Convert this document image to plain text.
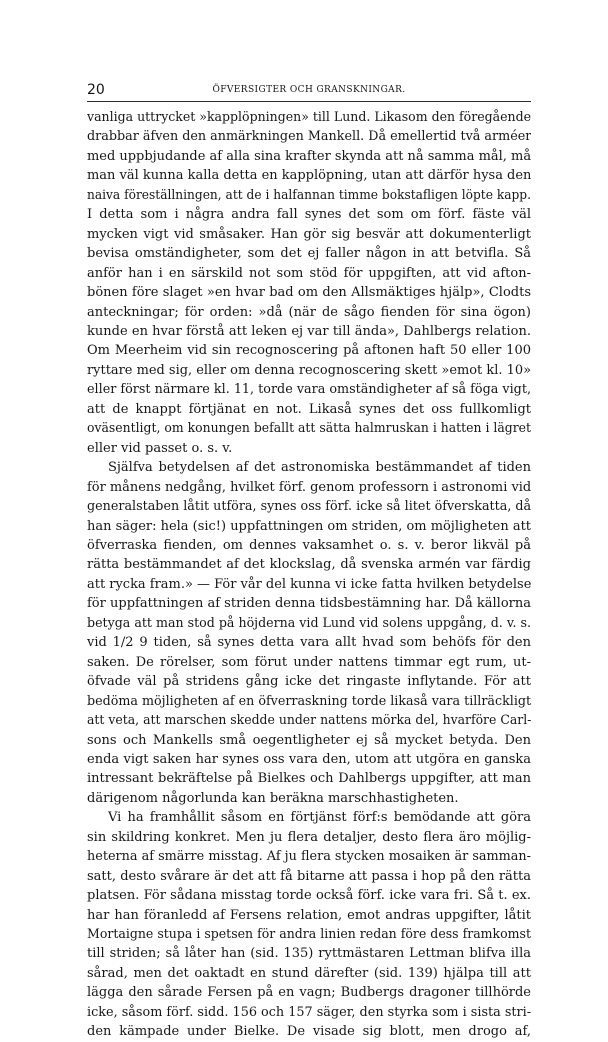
20	ÖFVERSIGTER OCH GRANSKNINGAR.
vanliga uttrycket »kapplöpningen» till Lund. Likasom den föregående
drabbar äfven den anmärkningen Mankell. Då emellertid två arméer
med uppbjudande af alla sina krafter skynda att nå samma mål, må
man väl kunna kalla detta en kapplöpning, utan att därför hysa den
naiva föreställningen, att de i halfannan timme bokstafligen löpte kapp.
I detta som i några andra fall synes det som om förf. fäste väl
mycken vigt vid småsaker. Han gör sig besvär att dokumenterligt
bevisa omständigheter, som det ej faller någon in att betvifla. Så
anför han i en särskild not som stöd för uppgiften, att vid afton-
bönen före slaget »en hvar bad om den Allsmäktiges hjälp», Clodts
anteckningar; för orden: »då (när de sågo fienden för sina ögon)
kunde en hvar förstå att leken ej var till ända», Dahlbergs relation.
Om Meerheim vid sin recognoscering på aftonen haft 50 eller 100
ryttare med sig, eller om denna recognoscering skett »emot kl. 10»
eller först närmare kl. 11, torde vara omständigheter af så föga vigt,
att de knappt förtjänat en not. Likaså synes det oss fullkomligt
oväsentligt, om konungen befallt att sätta halmruskan i hatten i lägret
eller vid passet o. s. v.
Själfva betydelsen af det astronomiska bestämmandet af tiden
för månens nedgång, hvilket förf. genom professorn i astronomi vid
generalstaben låtit utföra, synes oss förf. icke så litet öfverskatta, då
han säger: hela (sic!) uppfattningen om striden, om möjligheten att
öfverraska fienden, om dennes vaksamhet o. s. v. beror likväl på
rätta bestämmandet af det klockslag, då svenska armén var färdig
att rycka fram.» — För vår del kunna vi icke fatta hvilken betydelse
för uppfattningen af striden denna tidsbestämning har. Då källorna
betyga att man stod på höjderna vid Lund vid solens uppgång, d. v. s.
vid 1/2 9 tiden, så synes detta vara allt hvad som behöfs för den
saken. De rörelser, som förut under nattens timmar egt rum, ut-
öfvade väl på stridens gång icke det ringaste inflytande. För att
bedöma möjligheten af en öfverraskning torde likaså vara tillräckligt
att veta, att marschen skedde under nattens mörka del, hvarföre Carl-
sons och Mankells små oegentligheter ej så mycket betyda. Den
enda vigt saken har synes oss vara den, utom att utgöra en ganska
intressant bekräftelse på Bielkes och Dahlbergs uppgifter, att man
därigenom någorlunda kan beräkna marschhastigheten.
Vi ha framhållit såsom en förtjänst förf:s bemödande att göra
sin skildring konkret. Men ju flera detaljer, desto flera äro möjlig-
heterna af smärre misstag. Af ju flera stycken mosaiken är samman-
satt, desto svårare är det att få bitarne att passa i hop på den rätta
platsen. För sådana misstag torde också förf. icke vara fri. Så t. ex.
har han föranledd af Fersens relation, emot andras uppgifter, låtit
Mortaigne stupa i spetsen för andra linien redan före dess framkomst
till striden; så låter han (sid. 135) ryttmästaren Lettman blifva illa
sårad, men det oaktadt en stund därefter (sid. 139) hjälpa till att
lägga den sårade Fersen på en vagn; Budbergs dragoner tillhörde
icke, såsom förf. sidd. 156 och 157 säger, den styrka som i sista stri-
den kämpade under Bielke. De visade sig blott, men drogo af,
